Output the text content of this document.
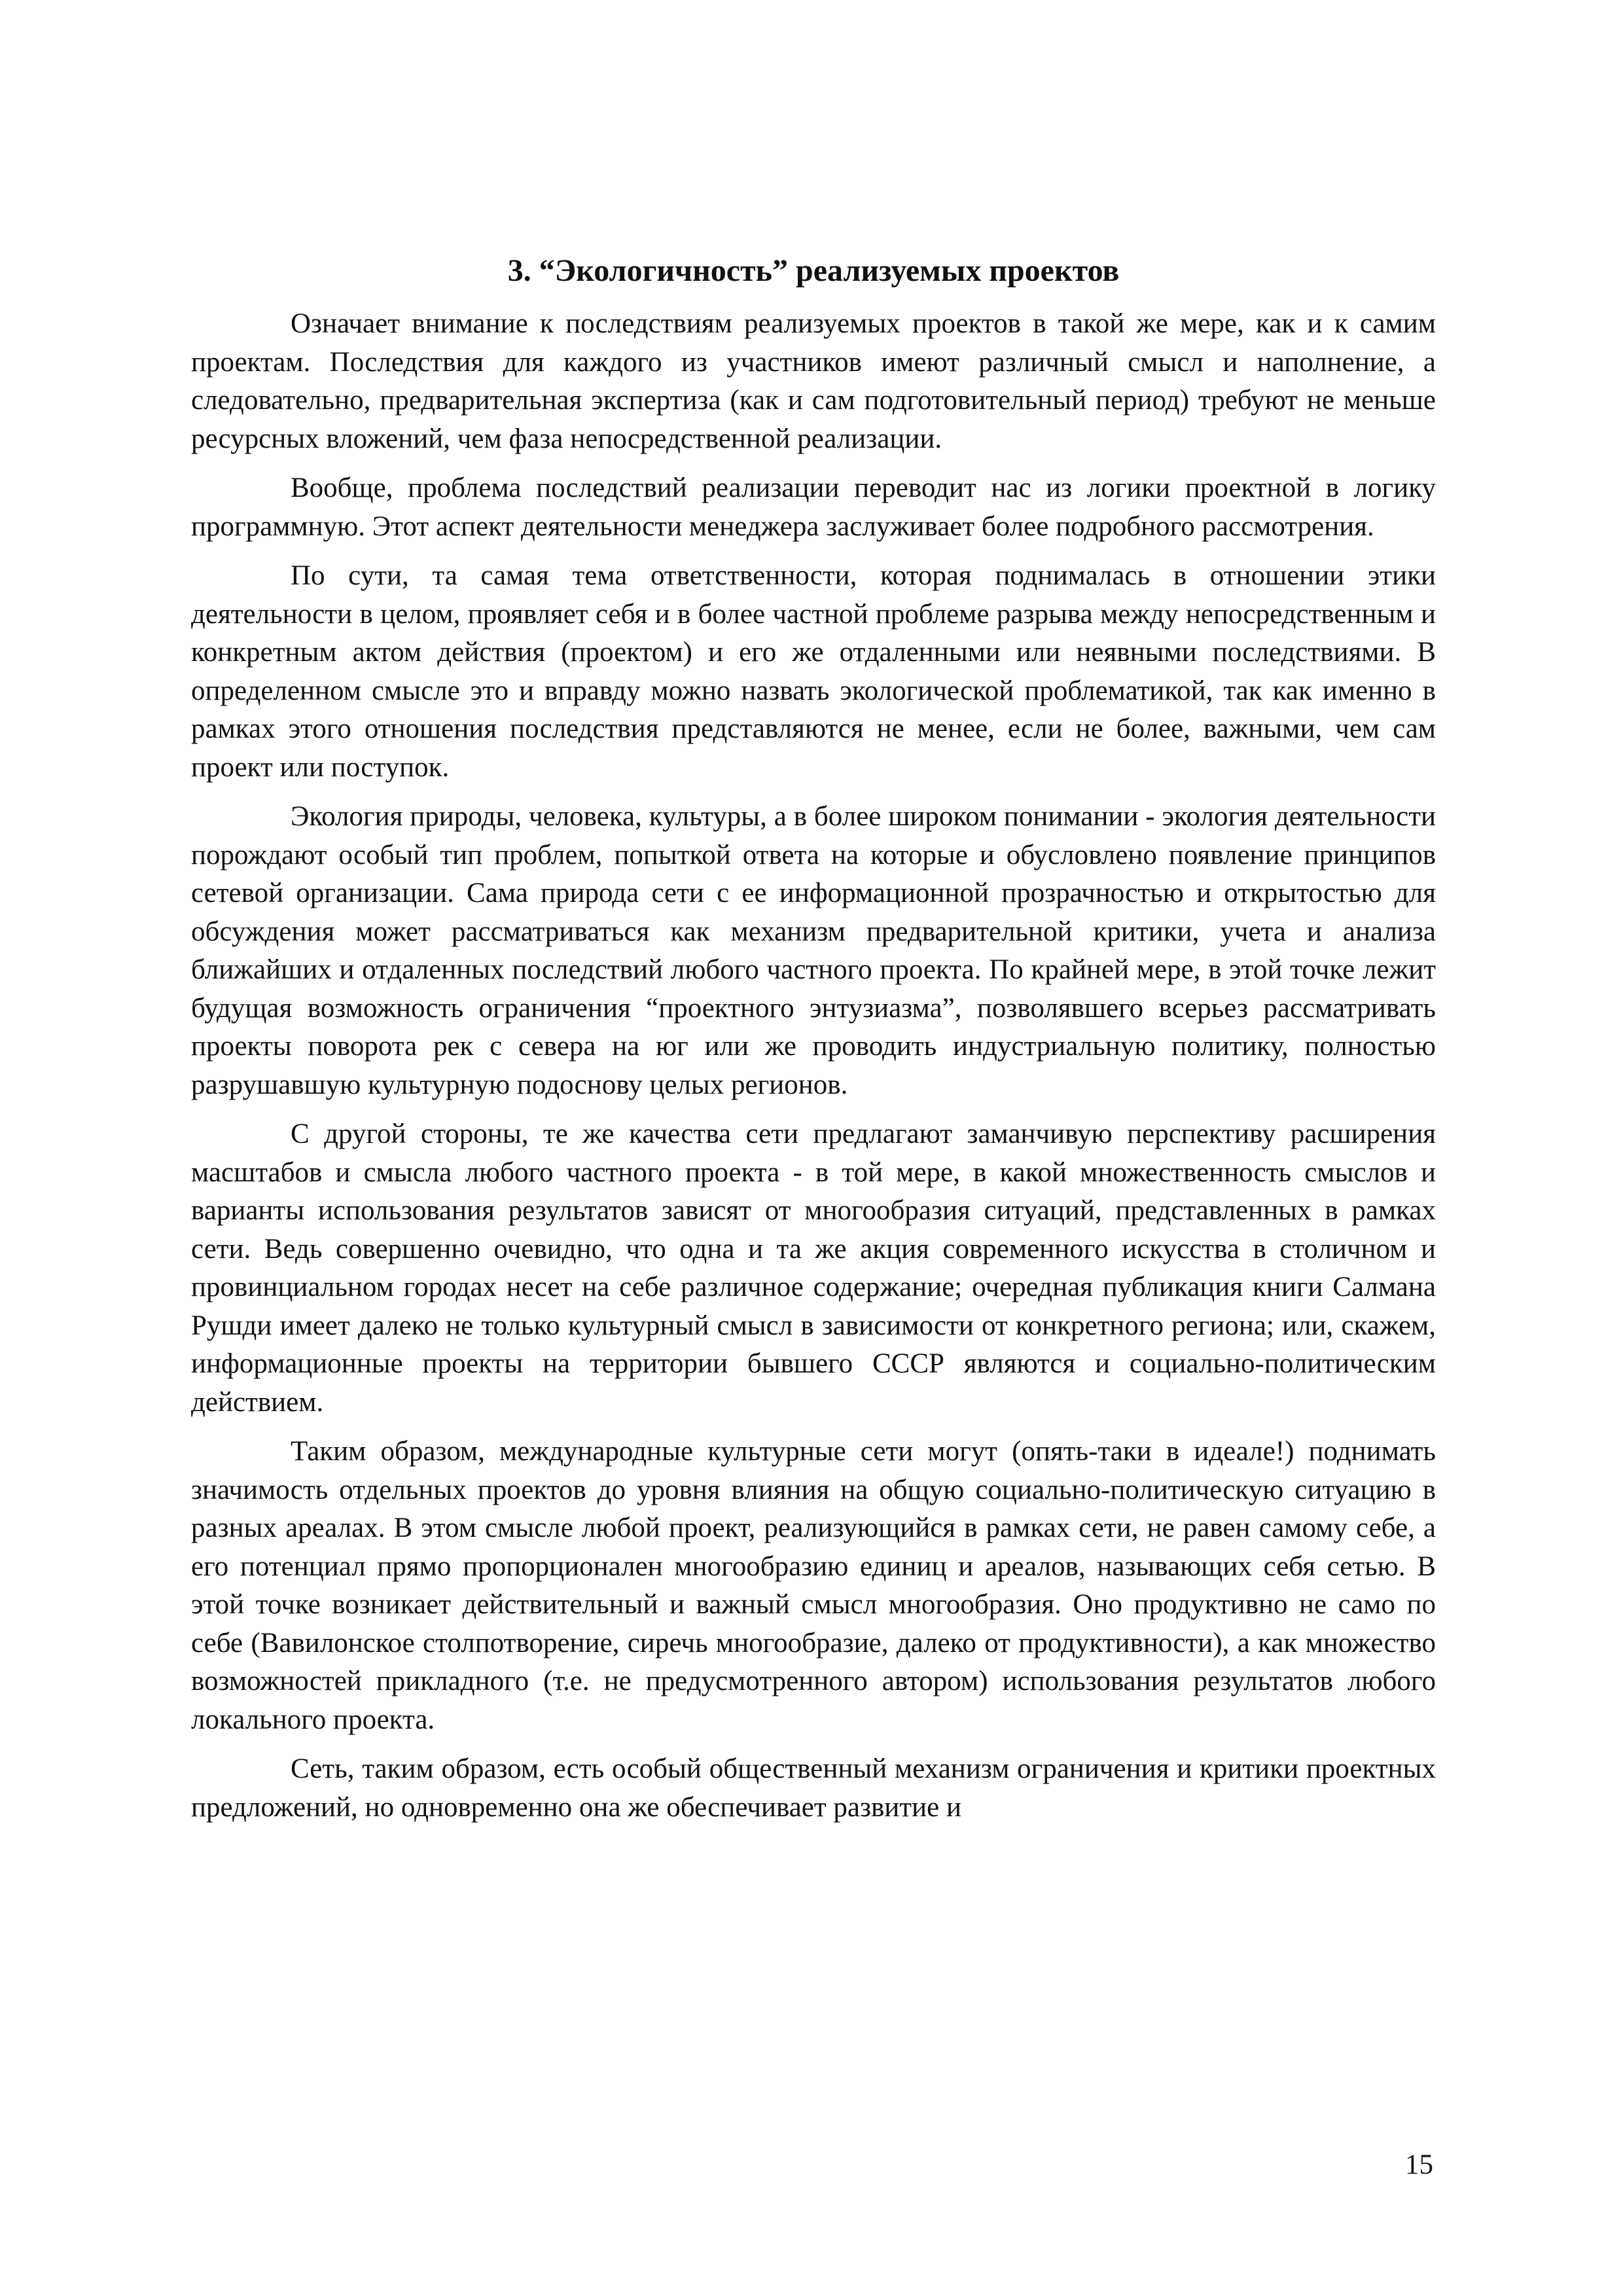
3. “Экологичность” реализуемых проектов

Означает внимание к последствиям реализуемых проектов в такой же мере, как и к самим проектам. Последствия для каждого из участников имеют различный смысл и наполнение, а следовательно, предварительная экспертиза (как и сам подготовительный период) требуют не меньше ресурсных вложений, чем фаза непосредственной реализации.

Вообще, проблема последствий реализации переводит нас из логики проектной в логику программную. Этот аспект деятельности менеджера заслуживает более подробного рассмотрения.

По сути, та самая тема ответственности, которая поднималась в отношении этики деятельности в целом, проявляет себя и в более частной проблеме разрыва между непосредственным и конкретным актом действия (проектом) и его же отдаленными или неявными последствиями. В определенном смысле это и вправду можно назвать экологической проблематикой, так как именно в рамках этого отношения последствия представляются не менее, если не более, важными, чем сам проект или поступок.

Экология природы, человека, культуры, а в более широком понимании - экология деятельности порождают особый тип проблем, попыткой ответа на которые и обусловлено появление принципов сетевой организации. Сама природа сети с ее информационной прозрачностью и открытостью для обсуждения может рассматриваться как механизм предварительной критики, учета и анализа ближайших и отдаленных последствий любого частного проекта. По крайней мере, в этой точке лежит будущая возможность ограничения “проектного энтузиазма”, позволявшего всерьез рассматривать проекты поворота рек с севера на юг или же проводить индустриальную политику, полностью разрушавшую культурную подоснову целых регионов.

С другой стороны, те же качества сети предлагают заманчивую перспективу расширения масштабов и смысла любого частного проекта - в той мере, в какой множественность смыслов и варианты использования результатов зависят от многообразия ситуаций, представленных в рамках сети. Ведь совершенно очевидно, что одна и та же акция современного искусства в столичном и провинциальном городах несет на себе различное содержание; очередная публикация книги Салмана Рушди имеет далеко не только культурный смысл в зависимости от конкретного региона; или, скажем, информационные проекты на территории бывшего СССР являются и социально-политическим действием.

Таким образом, международные культурные сети могут (опять-таки в идеале!) поднимать значимость отдельных проектов до уровня влияния на общую социально-политическую ситуацию в разных ареалах. В этом смысле любой проект, реализующийся в рамках сети, не равен самому себе, а его потенциал прямо пропорционален многообразию единиц и ареалов, называющих себя сетью. В этой точке возникает действительный и важный смысл многообразия. Оно продуктивно не само по себе (Вавилонское столпотворение, сиречь многообразие, далеко от продуктивности), а как множество возможностей прикладного (т.е. не предусмотренного автором) использования результатов любого локального проекта.

Сеть, таким образом, есть особый общественный механизм ограничения и критики проектных предложений, но одновременно она же обеспечивает развитие и

15
